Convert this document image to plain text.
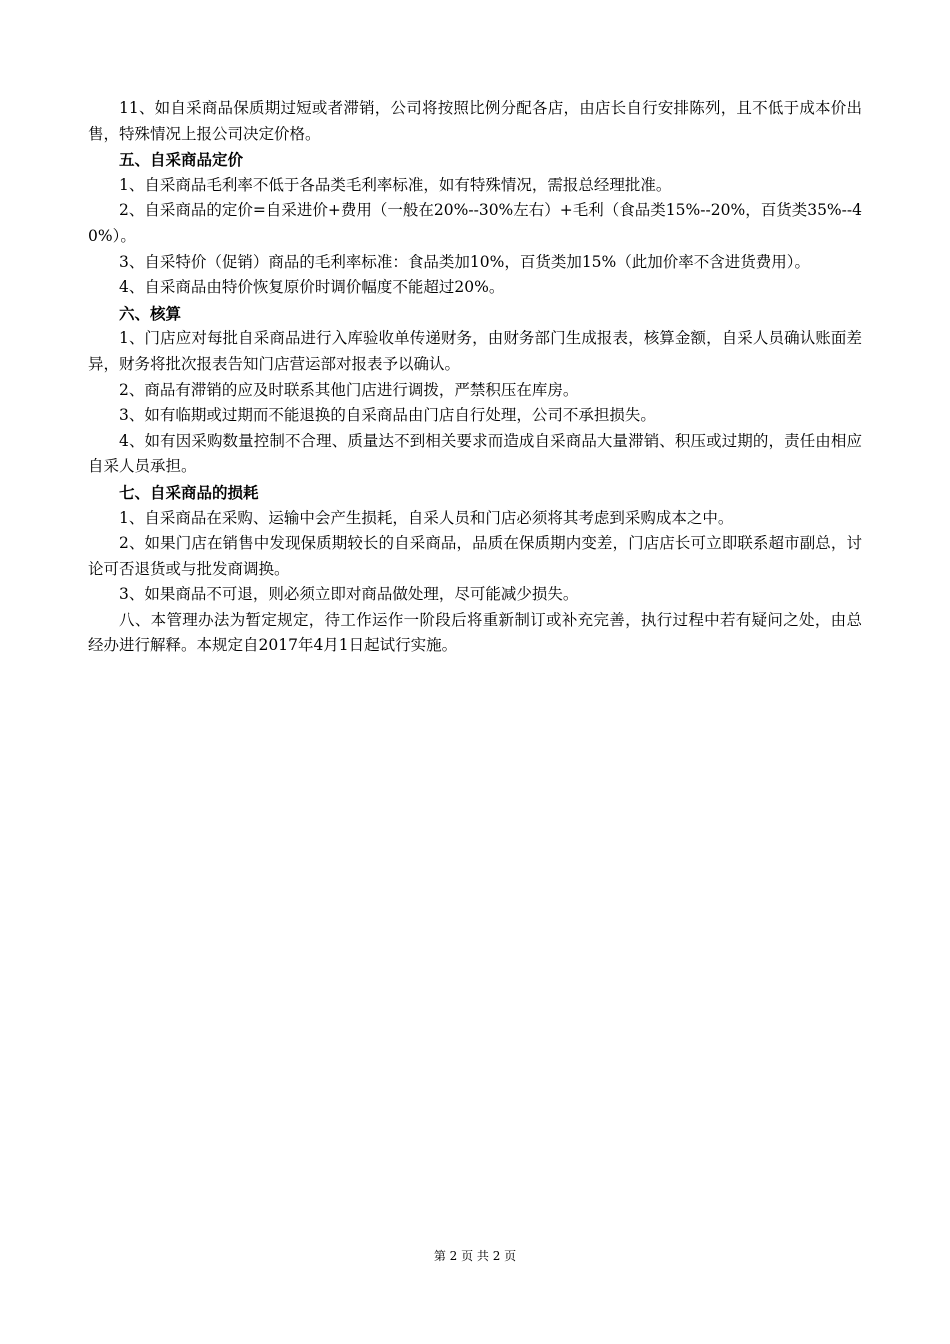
11、如自采商品保质期过短或者滞销，公司将按照比例分配各店，由店长自行安排陈列，且不低于成本价出售，特殊情况上报公司决定价格。

五、自采商品定价

1、自采商品毛利率不低于各品类毛利率标准，如有特殊情况，需报总经理批准。

2、自采商品的定价=自采进价+费用（一般在20%--30%左右）+毛利（食品类15%--20%，百货类35%--40%）。

3、自采特价（促销）商品的毛利率标准：食品类加10%，百货类加15%（此加价率不含进货费用）。

4、自采商品由特价恢复原价时调价幅度不能超过20%。

六、核算

1、门店应对每批自采商品进行入库验收单传递财务，由财务部门生成报表，核算金额，自采人员确认账面差异，财务将批次报表告知门店营运部对报表予以确认。

2、商品有滞销的应及时联系其他门店进行调拨，严禁积压在库房。

3、如有临期或过期而不能退换的自采商品由门店自行处理，公司不承担损失。

4、如有因采购数量控制不合理、质量达不到相关要求而造成自采商品大量滞销、积压或过期的，责任由相应自采人员承担。

七、自采商品的损耗

1、自采商品在采购、运输中会产生损耗，自采人员和门店必须将其考虑到采购成本之中。

2、如果门店在销售中发现保质期较长的自采商品，品质在保质期内变差，门店店长可立即联系超市副总，讨论可否退货或与批发商调换。

3、如果商品不可退，则必须立即对商品做处理，尽可能减少损失。

八、本管理办法为暂定规定，待工作运作一阶段后将重新制订或补充完善，执行过程中若有疑问之处，由总经办进行解释。本规定自2017年4月1日起试行实施。

第 2 页 共 2 页
